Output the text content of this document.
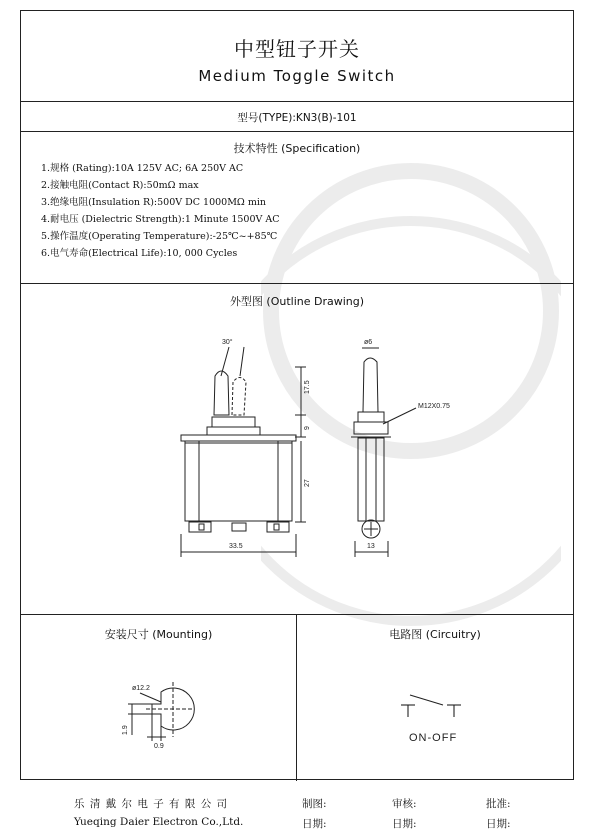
中型钮子开关
Medium Toggle Switch
型号(TYPE):KN3(B)-101
技术特性 (Specification)
1.规格 (Rating):10A 125V AC; 6A 250V AC
2.接触电阻(Contact R):50mΩ max
3.绝缘电阻(Insulation R):500V DC 1000MΩ min
4.耐电压 (Dielectric Strength):1 Minute 1500V AC
5.操作温度(Operating Temperature):-25℃~+85℃
6.电气寿命(Electrical Life):10, 000 Cycles
外型图 (Outline Drawing)
30°
17.5
9
27
33.5
ø6
M12X0.75
13
安装尺寸 (Mounting)
ø12.2
1.9
0.9
电路图 (Circuitry)
ON-OFF
乐 清 戴 尔 电 子 有 限 公 司
Yueqing Daier Electron Co.,Ltd.
制图:	审核:	批准:
日期:	日期:	日期:
